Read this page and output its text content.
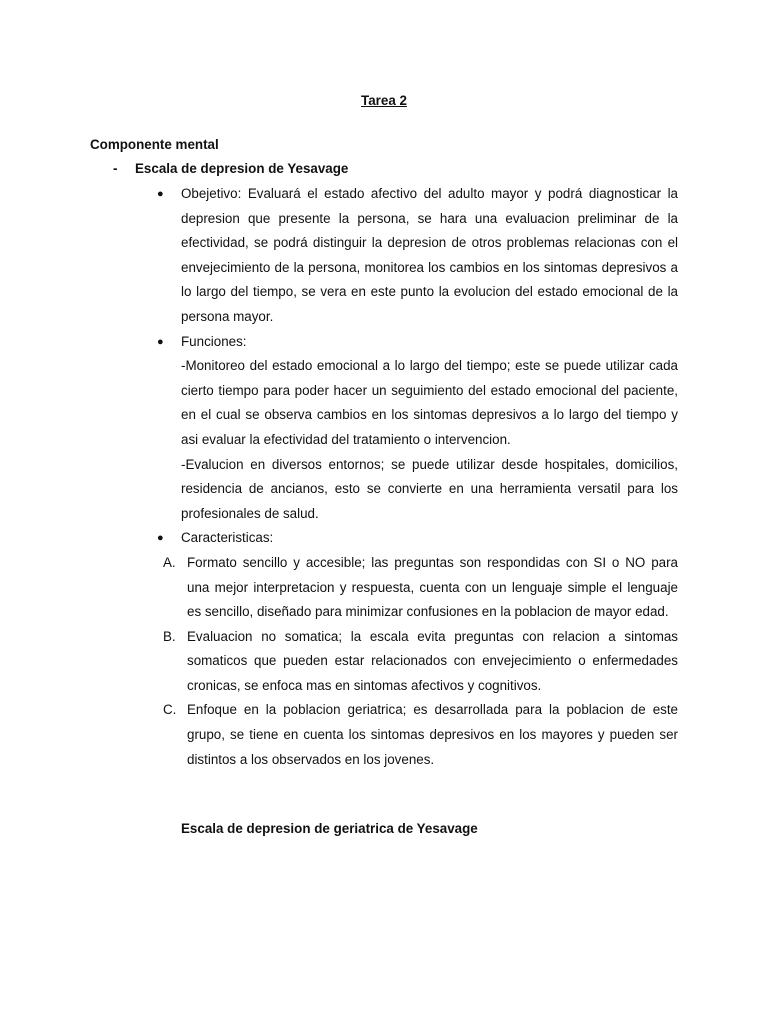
Tarea 2
Componente mental
- Escala de depresion de Yesavage
● Obejetivo: Evaluará el estado afectivo del adulto mayor y podrá diagnosticar la depresion que presente la persona, se hara una evaluacion preliminar de la efectividad, se podrá distinguir la depresion de otros problemas relacionas con el envejecimiento de la persona, monitorea los cambios en los sintomas depresivos a lo largo del tiempo, se vera en este punto la evolucion del estado emocional de la persona mayor.

● Funciones:

-Monitoreo del estado emocional a lo largo del tiempo; este se puede utilizar cada cierto tiempo para poder hacer un seguimiento del estado emocional del paciente, en el cual se observa cambios en los sintomas depresivos a lo largo del tiempo y asi evaluar la efectividad del tratamiento o intervencion.

-Evalucion en diversos entornos; se puede utilizar desde hospitales, domicilios, residencia de ancianos, esto se convierte en una herramienta versatil para los profesionales de salud.

● Caracteristicas:

A. Formato sencillo y accesible; las preguntas son respondidas con SI o NO para una mejor interpretacion y respuesta, cuenta con un lenguaje simple el lenguaje es sencillo, diseñado para minimizar confusiones en la poblacion de mayor edad.

B. Evaluacion no somatica; la escala evita preguntas con relacion a sintomas somaticos que pueden estar relacionados con envejecimiento o enfermedades cronicas, se enfoca mas en sintomas afectivos y cognitivos.

C. Enfoque en la poblacion geriatrica; es desarrollada para la poblacion de este grupo, se tiene en cuenta los sintomas depresivos en los mayores y pueden ser distintos a los observados en los jovenes.

Escala de depresion de geriatrica de Yesavage
